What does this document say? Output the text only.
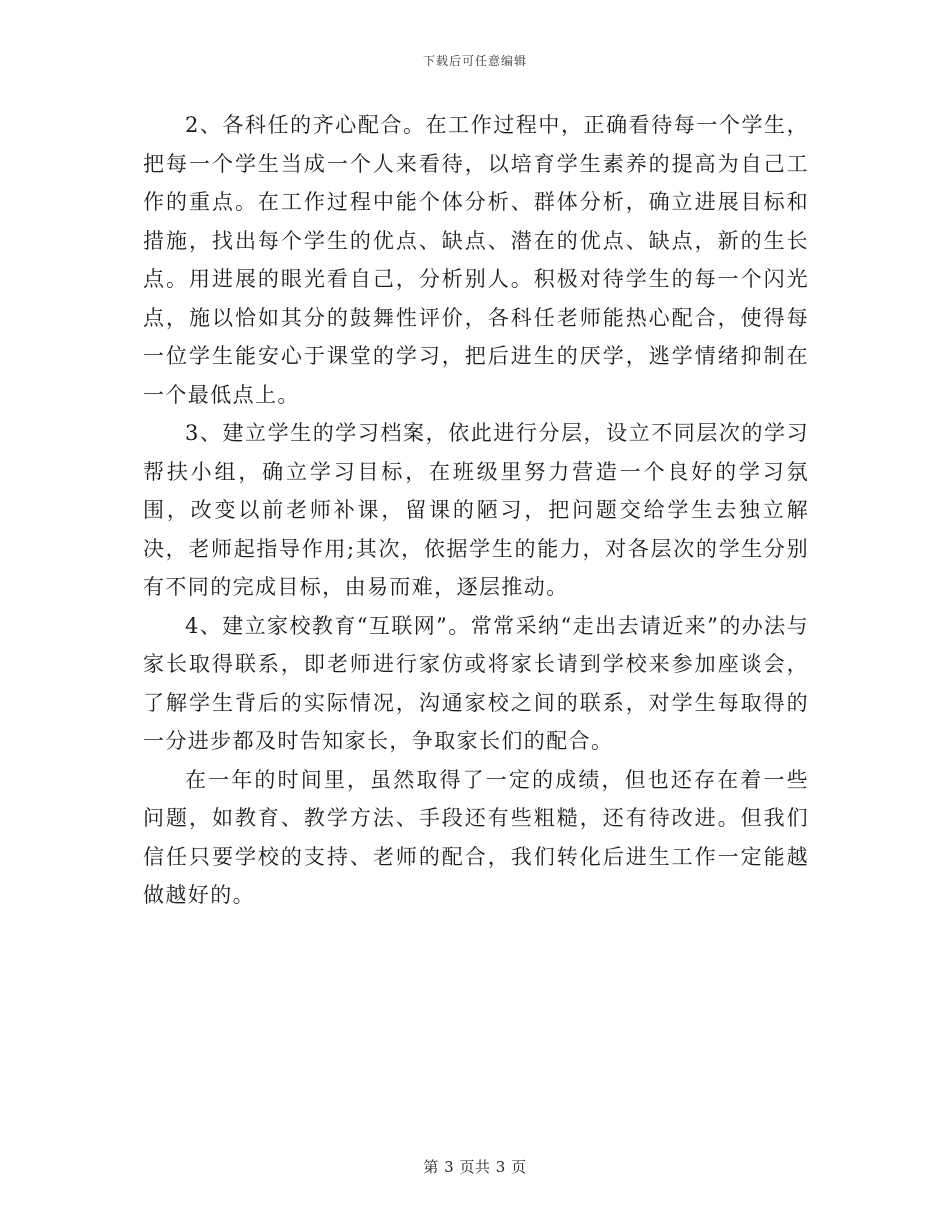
下载后可任意编辑

2、各科任的齐心配合。在工作过程中，正确看待每一个学生，把每一个学生当成一个人来看待，以培育学生素养的提高为自己工作的重点。在工作过程中能个体分析、群体分析，确立进展目标和措施，找出每个学生的优点、缺点、潜在的优点、缺点，新的生长点。用进展的眼光看自己，分析别人。积极对待学生的每一个闪光点，施以恰如其分的鼓舞性评价，各科任老师能热心配合，使得每一位学生能安心于课堂的学习，把后进生的厌学，逃学情绪抑制在一个最低点上。

3、建立学生的学习档案，依此进行分层，设立不同层次的学习帮扶小组，确立学习目标，在班级里努力营造一个良好的学习氛围，改变以前老师补课，留课的陋习，把问题交给学生去独立解决，老师起指导作用;其次，依据学生的能力，对各层次的学生分别有不同的完成目标，由易而难，逐层推动。

4、建立家校教育“互联网”。常常采纳“走出去请近来”的办法与家长取得联系，即老师进行家仿或将家长请到学校来参加座谈会，了解学生背后的实际情况，沟通家校之间的联系，对学生每取得的一分进步都及时告知家长，争取家长们的配合。

在一年的时间里，虽然取得了一定的成绩，但也还存在着一些问题，如教育、教学方法、手段还有些粗糙，还有待改进。但我们信任只要学校的支持、老师的配合，我们转化后进生工作一定能越做越好的。

第 3 页共 3 页
